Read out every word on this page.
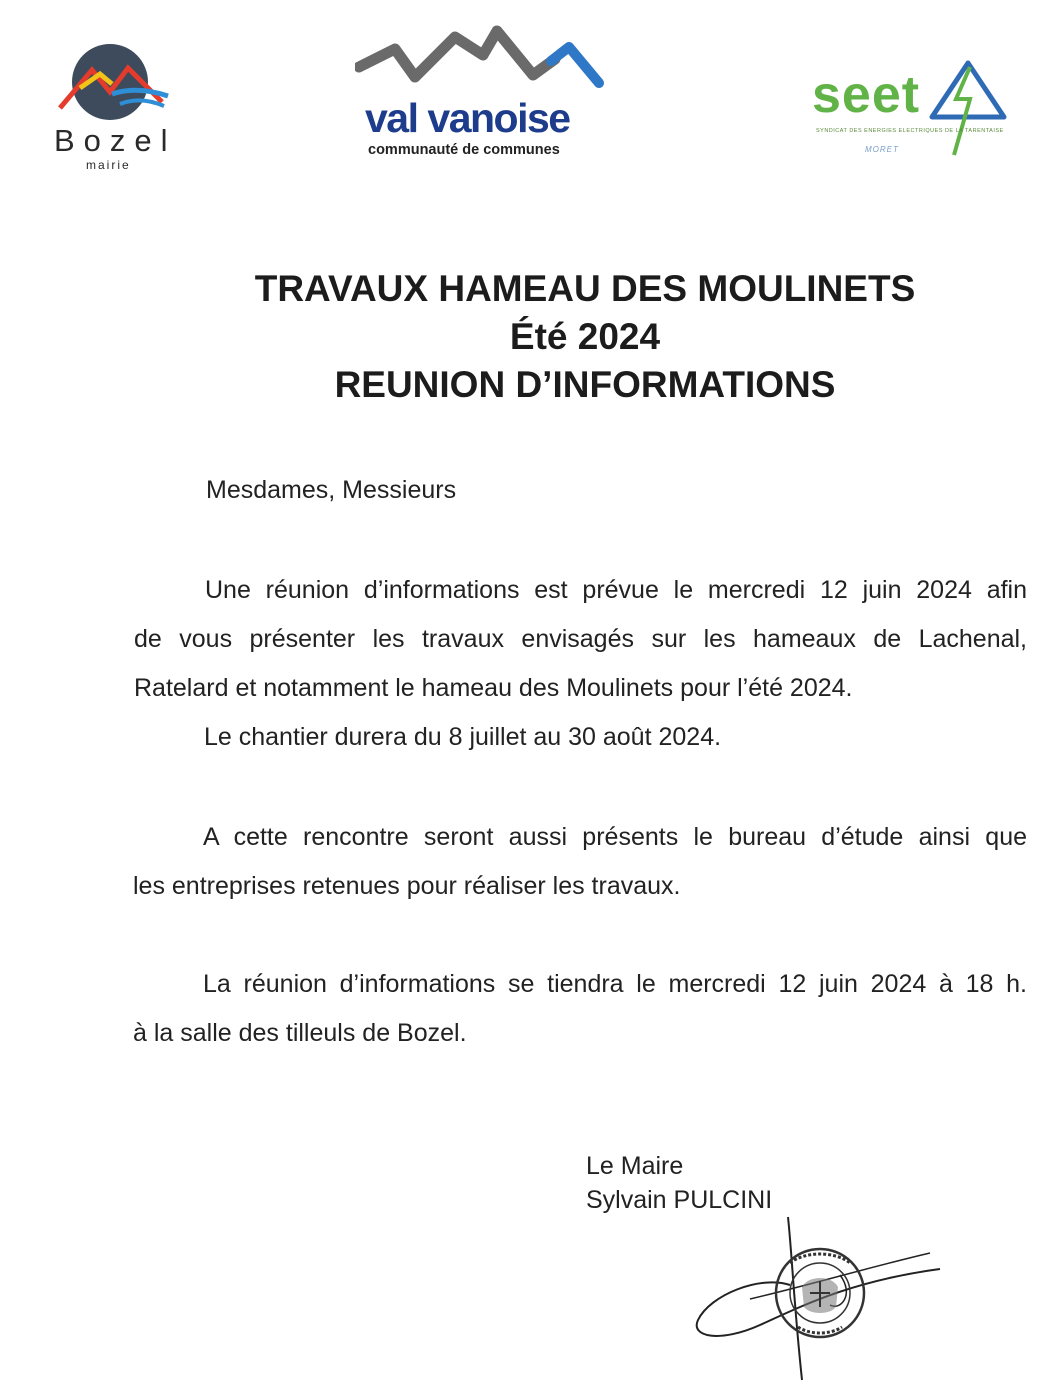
Bozel
mairie
val vanoise
communauté de communes
seet
SYNDICAT DES ENERGIES ELECTRIQUES DE LA TARENTAISE
MORET
TRAVAUX HAMEAU DES MOULINETS
Été 2024
REUNION D’INFORMATIONS
Mesdames, Messieurs
Une réunion d’informations est prévue le mercredi 12 juin 2024 afin
de vous présenter les travaux envisagés sur les hameaux de Lachenal,
Ratelard et notamment le hameau des Moulinets pour l’été 2024.
Le chantier durera du 8 juillet au 30 août 2024.
A cette rencontre seront aussi présents le bureau d’étude ainsi que
les entreprises retenues pour réaliser les travaux.
La réunion d’informations se tiendra le mercredi 12 juin 2024 à 18 h.
à la salle des tilleuls de Bozel.
Le Maire
Sylvain PULCINI
